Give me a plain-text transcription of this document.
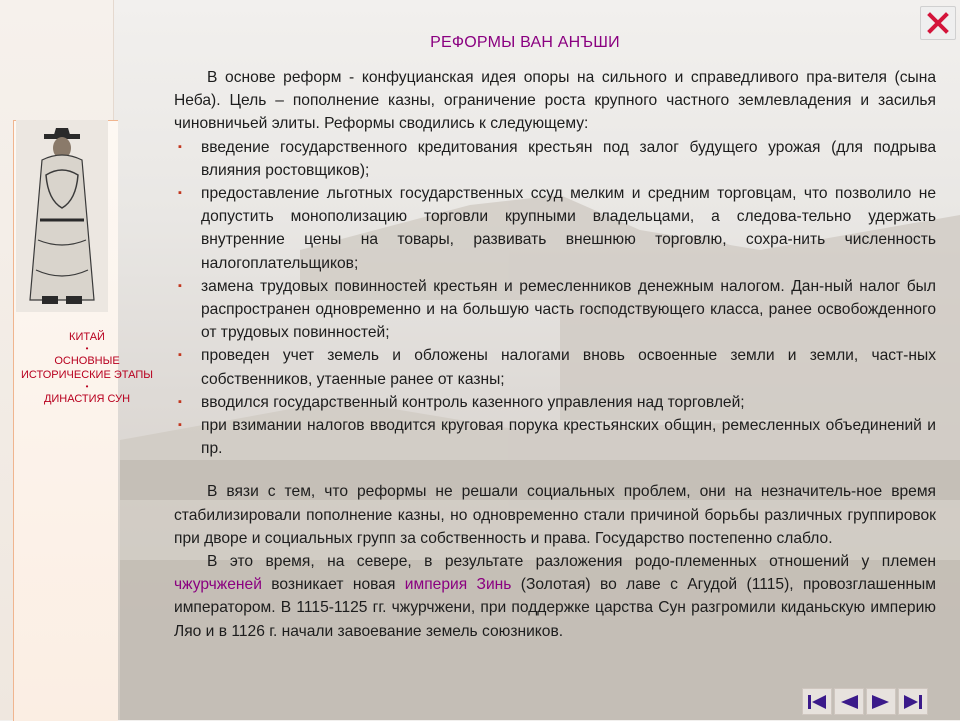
КИТАЙ
•
ОСНОВНЫЕ ИСТОРИЧЕСКИЕ ЭТАПЫ
•
ДИНАСТИЯ СУН
РЕФОРМЫ ВАН АНЪШИ

В основе реформ - конфуцианская идея опоры на сильного и справедливого пра-вителя (сына Неба). Цель – пополнение казны, ограничение роста крупного частного землевладения и засилья чиновничьей элиты. Реформы сводились к следующему:

▪ введение государственного кредитования крестьян под залог будущего урожая (для подрыва влияния ростовщиков);
▪ предоставление льготных государственных ссуд мелким и средним торговцам, что позволило не допустить монополизацию торговли крупными владельцами, а следова-тельно удержать внутренние цены на товары, развивать внешнюю торговлю, сохра-нить численность налогоплательщиков;
▪ замена трудовых повинностей крестьян и ремесленников денежным налогом. Дан-ный налог был распространен одновременно и на большую часть господствующего класса, ранее освобожденного от трудовых повинностей;
▪ проведен учет земель и обложены налогами вновь освоенные земли и земли, част-ных собственников, утаенные ранее от казны;
▪ вводился государственный контроль казенного управления над торговлей;
▪ при взимании налогов вводится круговая порука крестьянских общин, ремесленных объединений и пр.

В вязи с тем, что реформы не решали социальных проблем, они на незначитель-ное время стабилизировали пополнение казны, но одновременно стали причиной борьбы различных группировок при дворе и социальных групп за собственность и права. Государство постепенно слабло.

В это время, на севере, в результате разложения родо-племенных отношений у племен чжурчженей возникает новая империя Зинь (Золотая) во лаве с Агудой (1115), провозглашенным императором. В 1115-1125 гг. чжурчжени, при поддержке царства Сун разгромили киданьскую империю Ляо и в 1126 г. начали завоевание земель союзников.
